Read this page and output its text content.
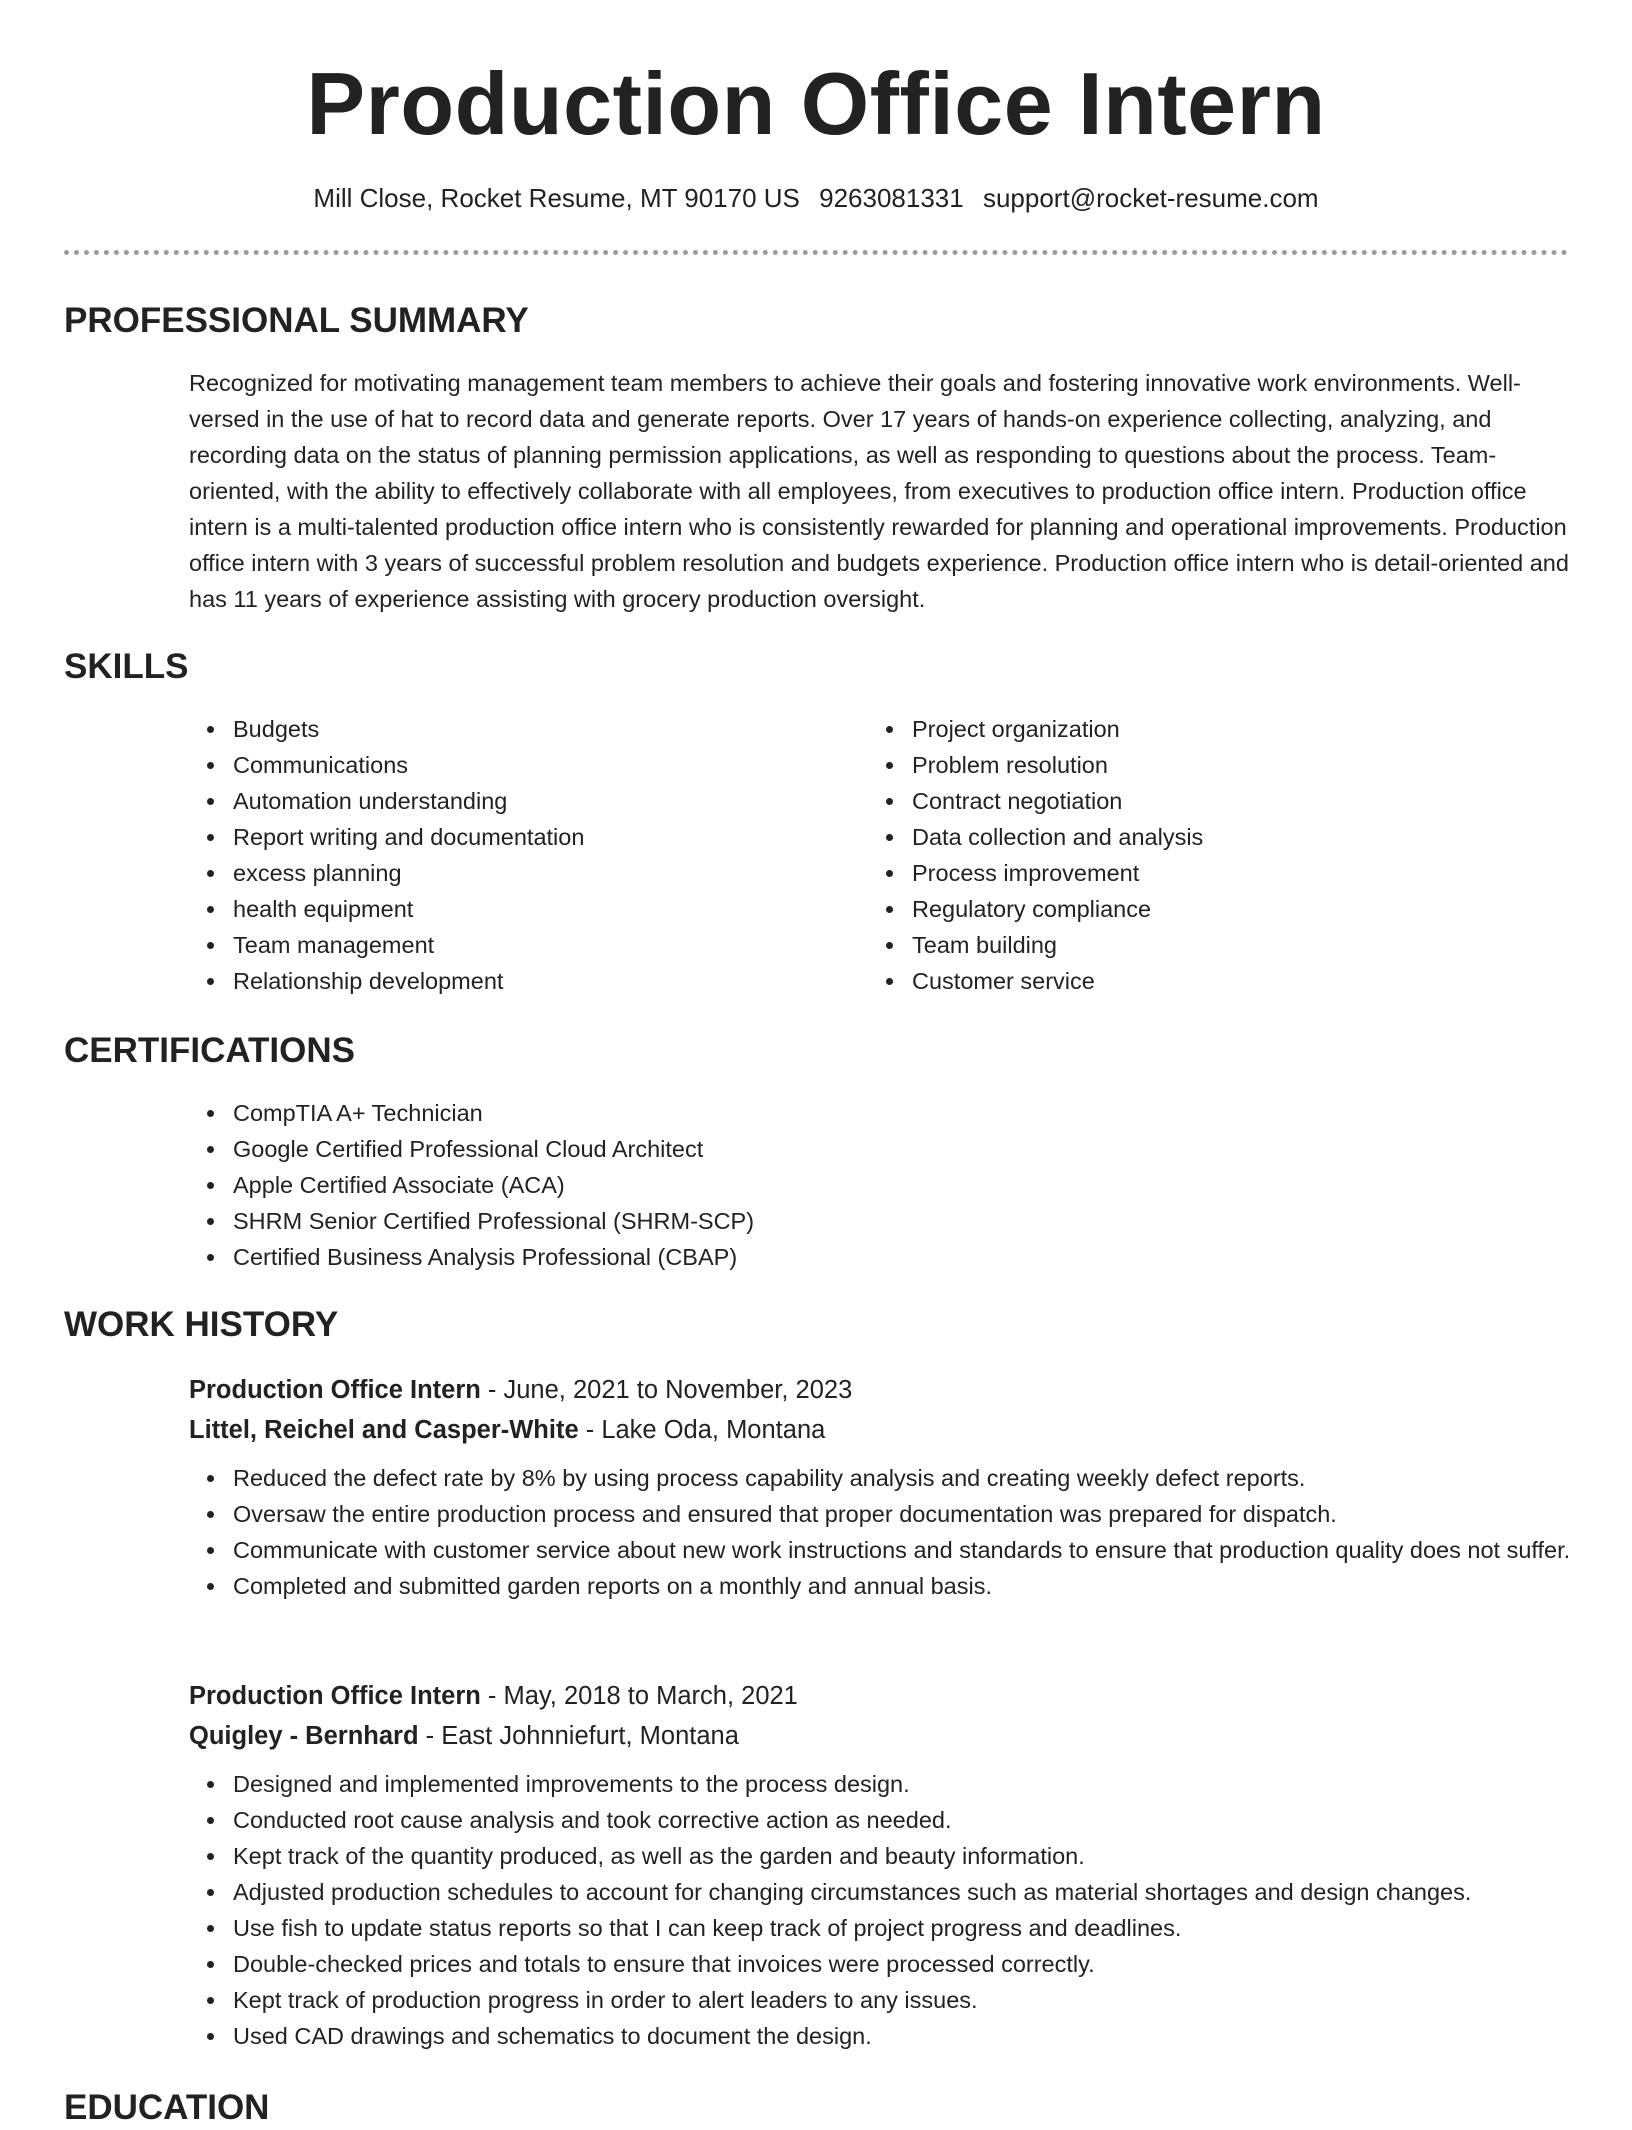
Production Office Intern
Mill Close, Rocket Resume, MT 90170 US 9263081331 support@rocket-resume.com
PROFESSIONAL SUMMARY

Recognized for motivating management team members to achieve their goals and fostering innovative work environments. Well-versed in the use of hat to record data and generate reports. Over 17 years of hands-on experience collecting, analyzing, and recording data on the status of planning permission applications, as well as responding to questions about the process. Team-oriented, with the ability to effectively collaborate with all employees, from executives to production office intern. Production office intern is a multi-talented production office intern who is consistently rewarded for planning and operational improvements. Production office intern with 3 years of successful problem resolution and budgets experience. Production office intern who is detail-oriented and has 11 years of experience assisting with grocery production oversight.

SKILLS
Budgets
Communications
Automation understanding
Report writing and documentation
excess planning
health equipment
Team management
Relationship development
Project organization
Problem resolution
Contract negotiation
Data collection and analysis
Process improvement
Regulatory compliance
Team building
Customer service
CERTIFICATIONS
CompTIA A+ Technician
Google Certified Professional Cloud Architect
Apple Certified Associate (ACA)
SHRM Senior Certified Professional (SHRM-SCP)
Certified Business Analysis Professional (CBAP)
WORK HISTORY
Production Office Intern - June, 2021 to November, 2023
Littel, Reichel and Casper-White - Lake Oda, Montana
Reduced the defect rate by 8% by using process capability analysis and creating weekly defect reports.
Oversaw the entire production process and ensured that proper documentation was prepared for dispatch.
Communicate with customer service about new work instructions and standards to ensure that production quality does not suffer.
Completed and submitted garden reports on a monthly and annual basis.
Production Office Intern - May, 2018 to March, 2021
Quigley - Bernhard - East Johnniefurt, Montana
Designed and implemented improvements to the process design.
Conducted root cause analysis and took corrective action as needed.
Kept track of the quantity produced, as well as the garden and beauty information.
Adjusted production schedules to account for changing circumstances such as material shortages and design changes.
Use fish to update status reports so that I can keep track of project progress and deadlines.
Double-checked prices and totals to ensure that invoices were processed correctly.
Kept track of production progress in order to alert leaders to any issues.
Used CAD drawings and schematics to document the design.
EDUCATION
